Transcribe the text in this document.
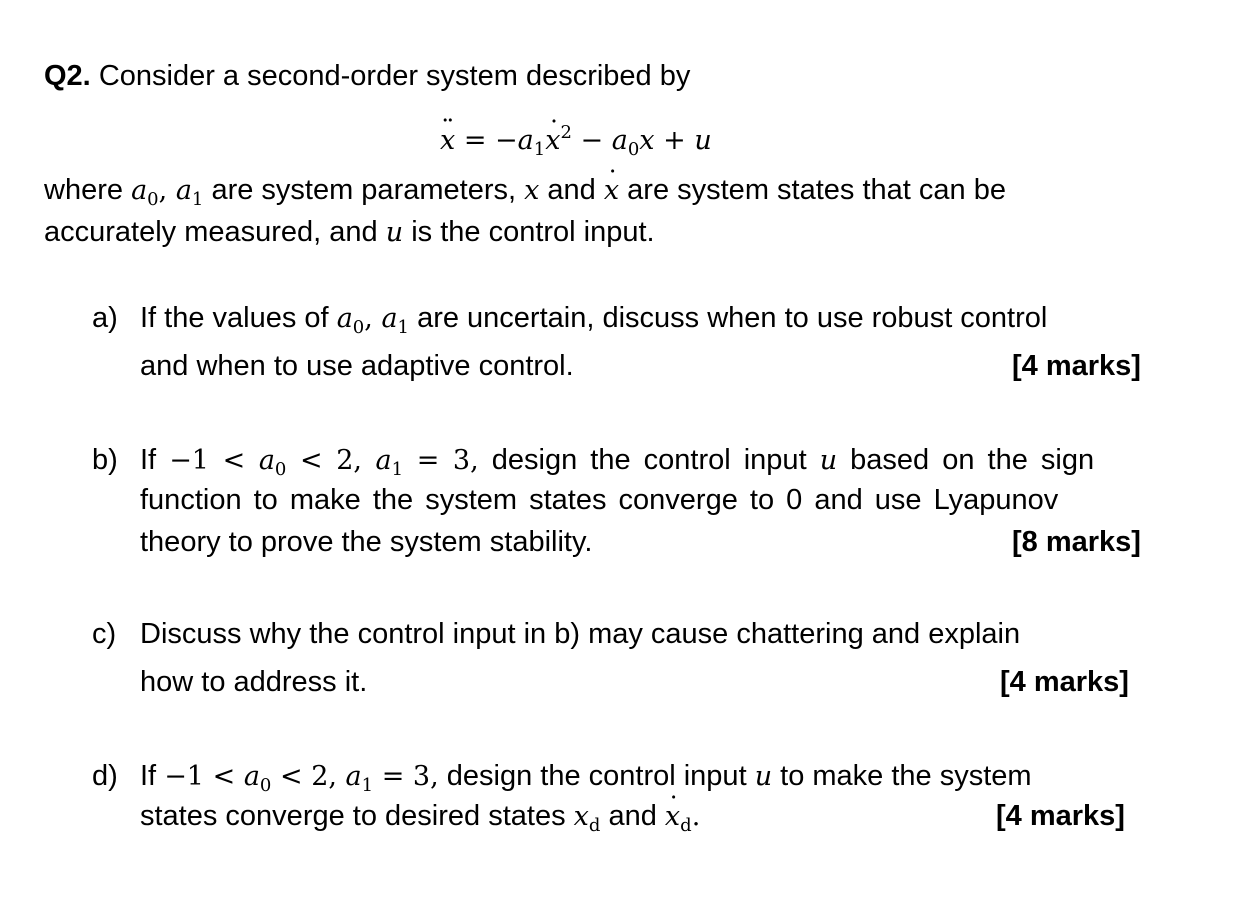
Q2. Consider a second-order system described by
x ¨ = $-a_1x$ ˙$^2$ − $a_0x + u$
where $a_0$, $a_1$ are system parameters, x and x ˙ are system states that can be
accurately measured, and u is the control input.
a) If the values of $a_0$, $a_1$ are uncertain, discuss when to use robust control
and when to use adaptive control.	[4 marks]
b) $If -1 < a_0 < 2$, $a_1 = 3$, design the control input u based on the sign
function to make the system states converge to 0 and use Lyapunov
theory to prove the system stability.	[8 marks]
c) Discuss why the control input in b) may cause chattering and explain
how to address it.	[4 marks]
d) $If -1 < a_0 < 2$, $a_1 = 3$, design the control input u to make the system
states converge to desired states $x_d$ and x $˙_d$.	[4 marks]
